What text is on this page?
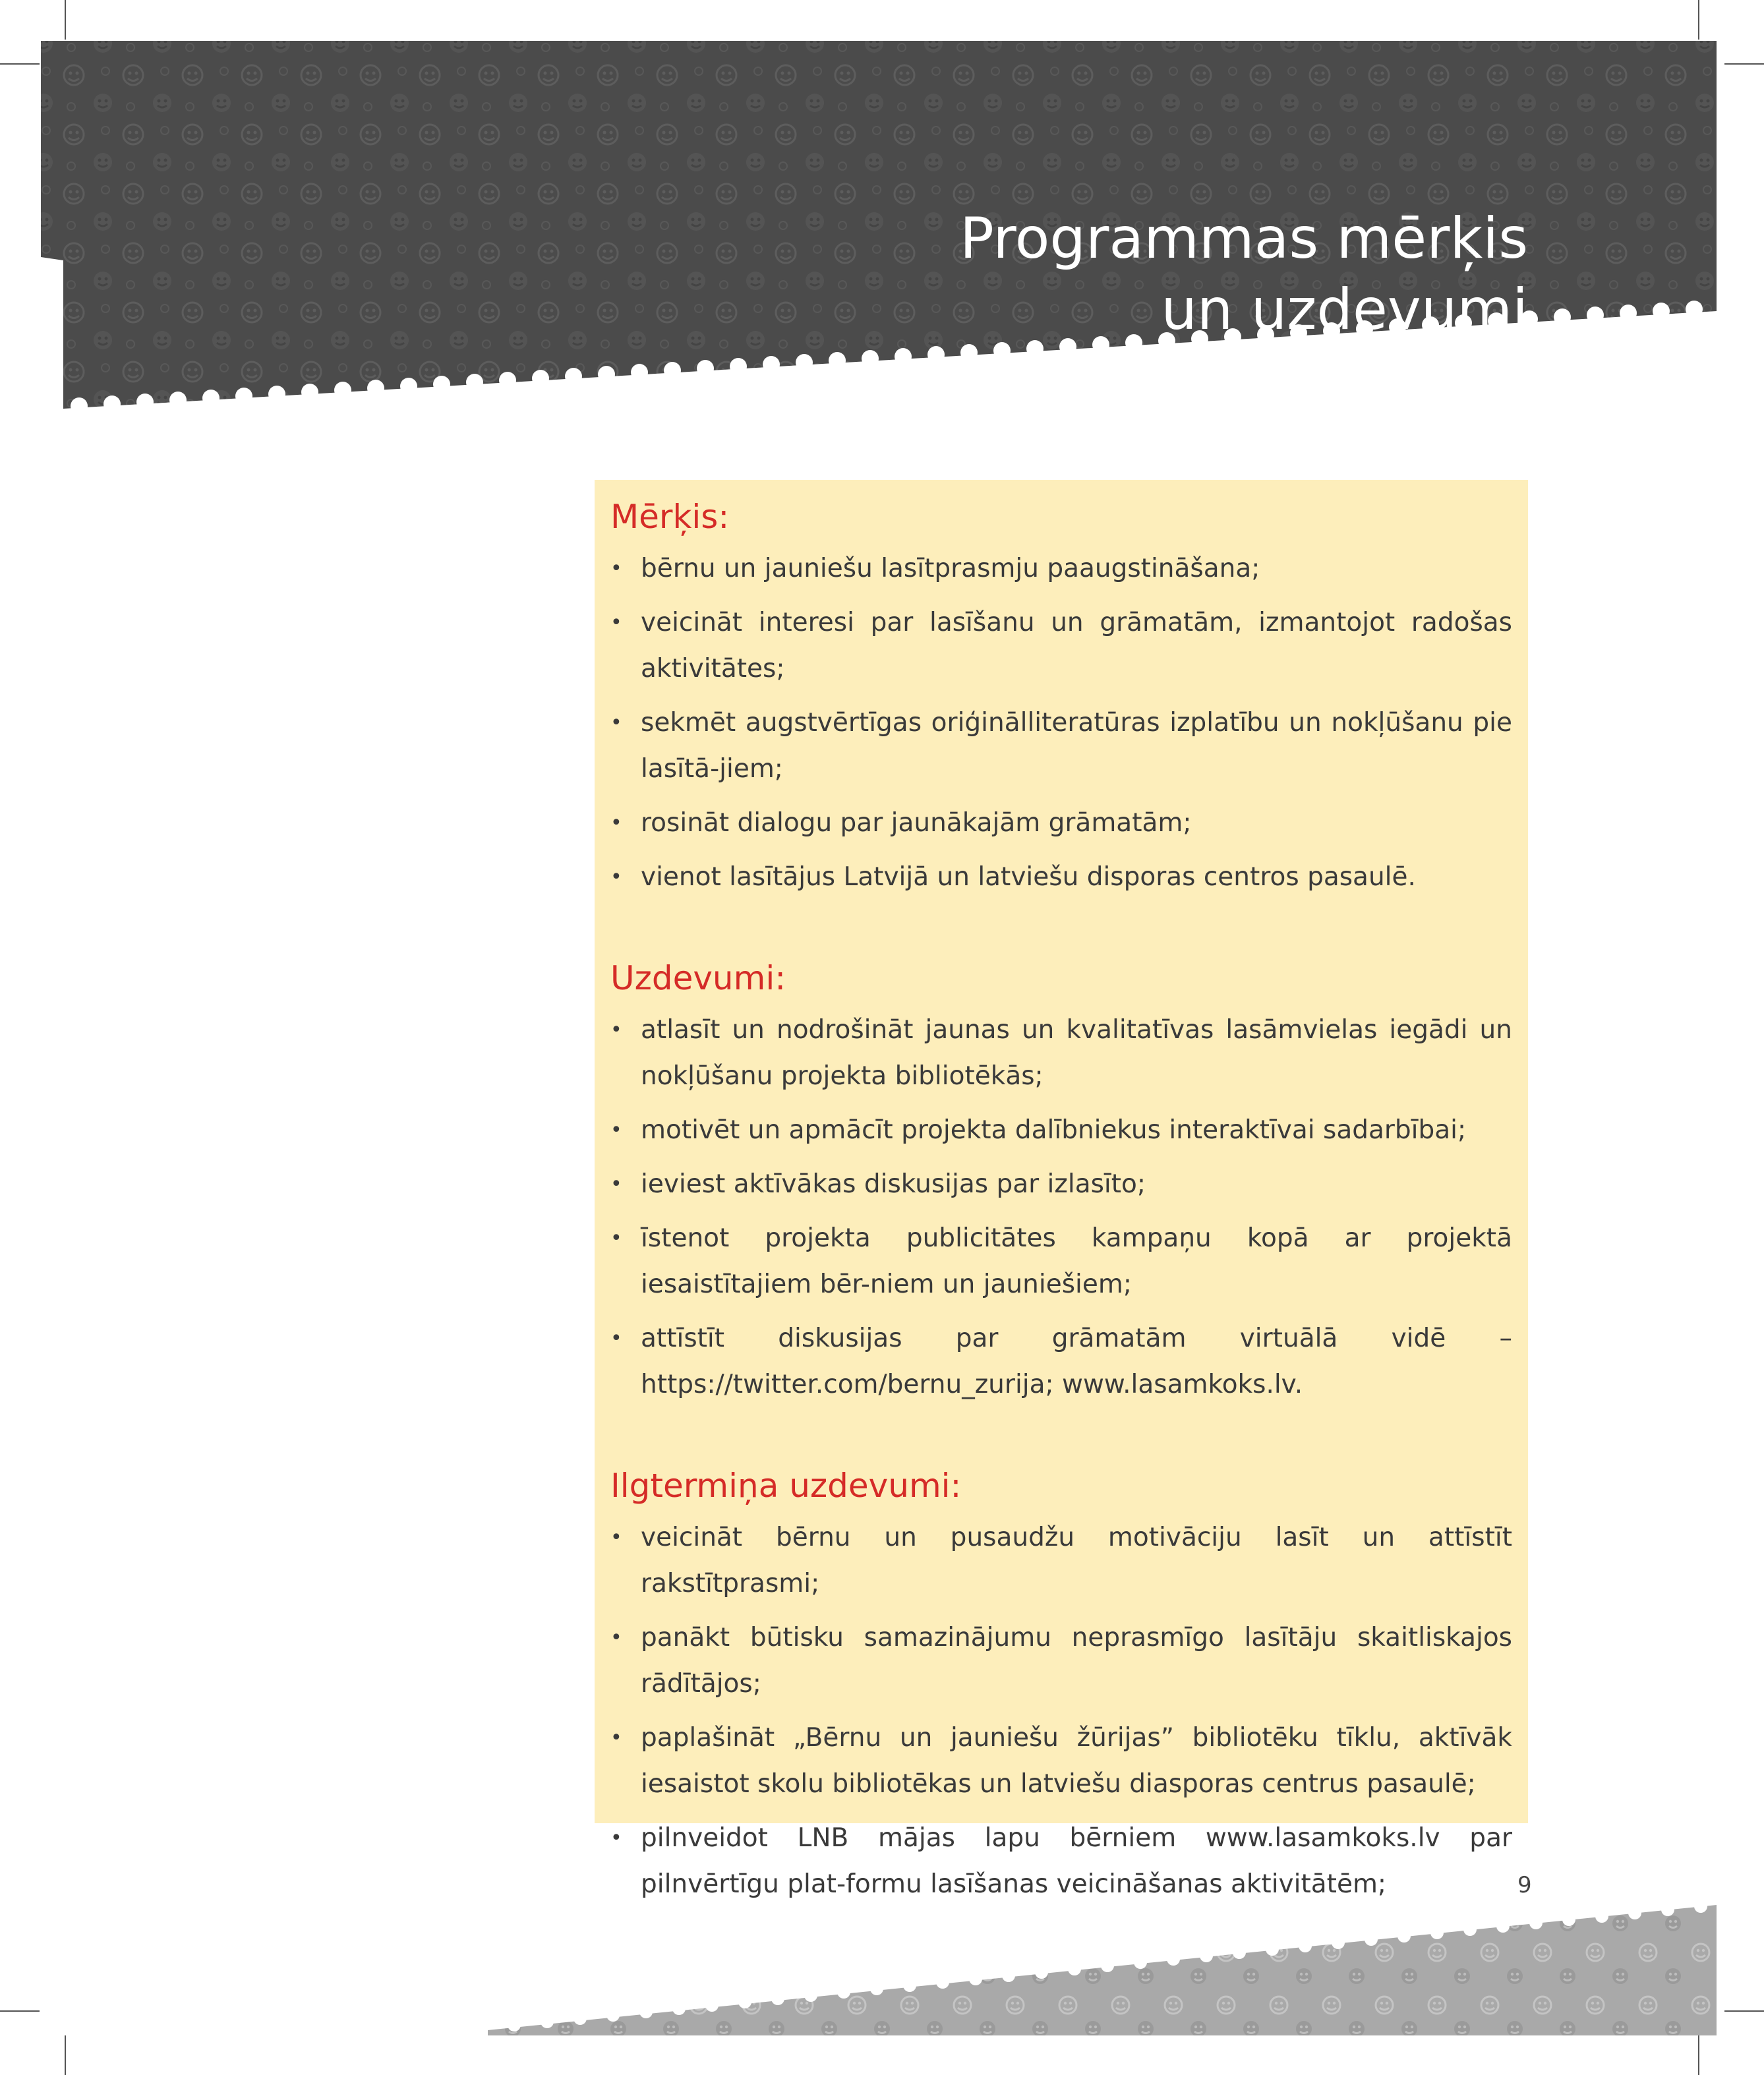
Programmas mērķis
un uzdevumi
Mērķis:
• bērnu un jauniešu lasītprasmju paaugstināšana;
• veicināt interesi par lasīšanu un grāmatām, izmantojot radošas aktivitātes;
• sekmēt augstvērtīgas oriģinālliteratūras izplatību un nokļūšanu pie lasītā-jiem;
• rosināt dialogu par jaunākajām grāmatām;
• vienot lasītājus Latvijā un latviešu disporas centros pasaulē.
Uzdevumi:
• atlasīt un nodrošināt jaunas un kvalitatīvas lasāmvielas iegādi un nokļūšanu projekta bibliotēkās;
• motivēt un apmācīt projekta dalībniekus interaktīvai sadarbībai;
• ieviest aktīvākas diskusijas par izlasīto;
• īstenot projekta publicitātes kampaņu kopā ar projektā iesaistītajiem bēr-niem un jauniešiem;
• attīstīt diskusijas par grāmatām virtuālā vidē – https://twitter.com/bernu_zurija; www.lasamkoks.lv.
Ilgtermiņa uzdevumi:
• veicināt bērnu un pusaudžu motivāciju lasīt un attīstīt rakstītprasmi;
• panākt būtisku samazinājumu neprasmīgo lasītāju skaitliskajos rādītājos;
• paplašināt „Bērnu un jauniešu žūrijas” bibliotēku tīklu, aktīvāk iesaistot skolu bibliotēkas un latviešu diasporas centrus pasaulē;
• pilnveidot LNB mājas lapu bērniem www.lasamkoks.lv par pilnvērtīgu plat-formu lasīšanas veicināšanas aktivitātēm;	9
